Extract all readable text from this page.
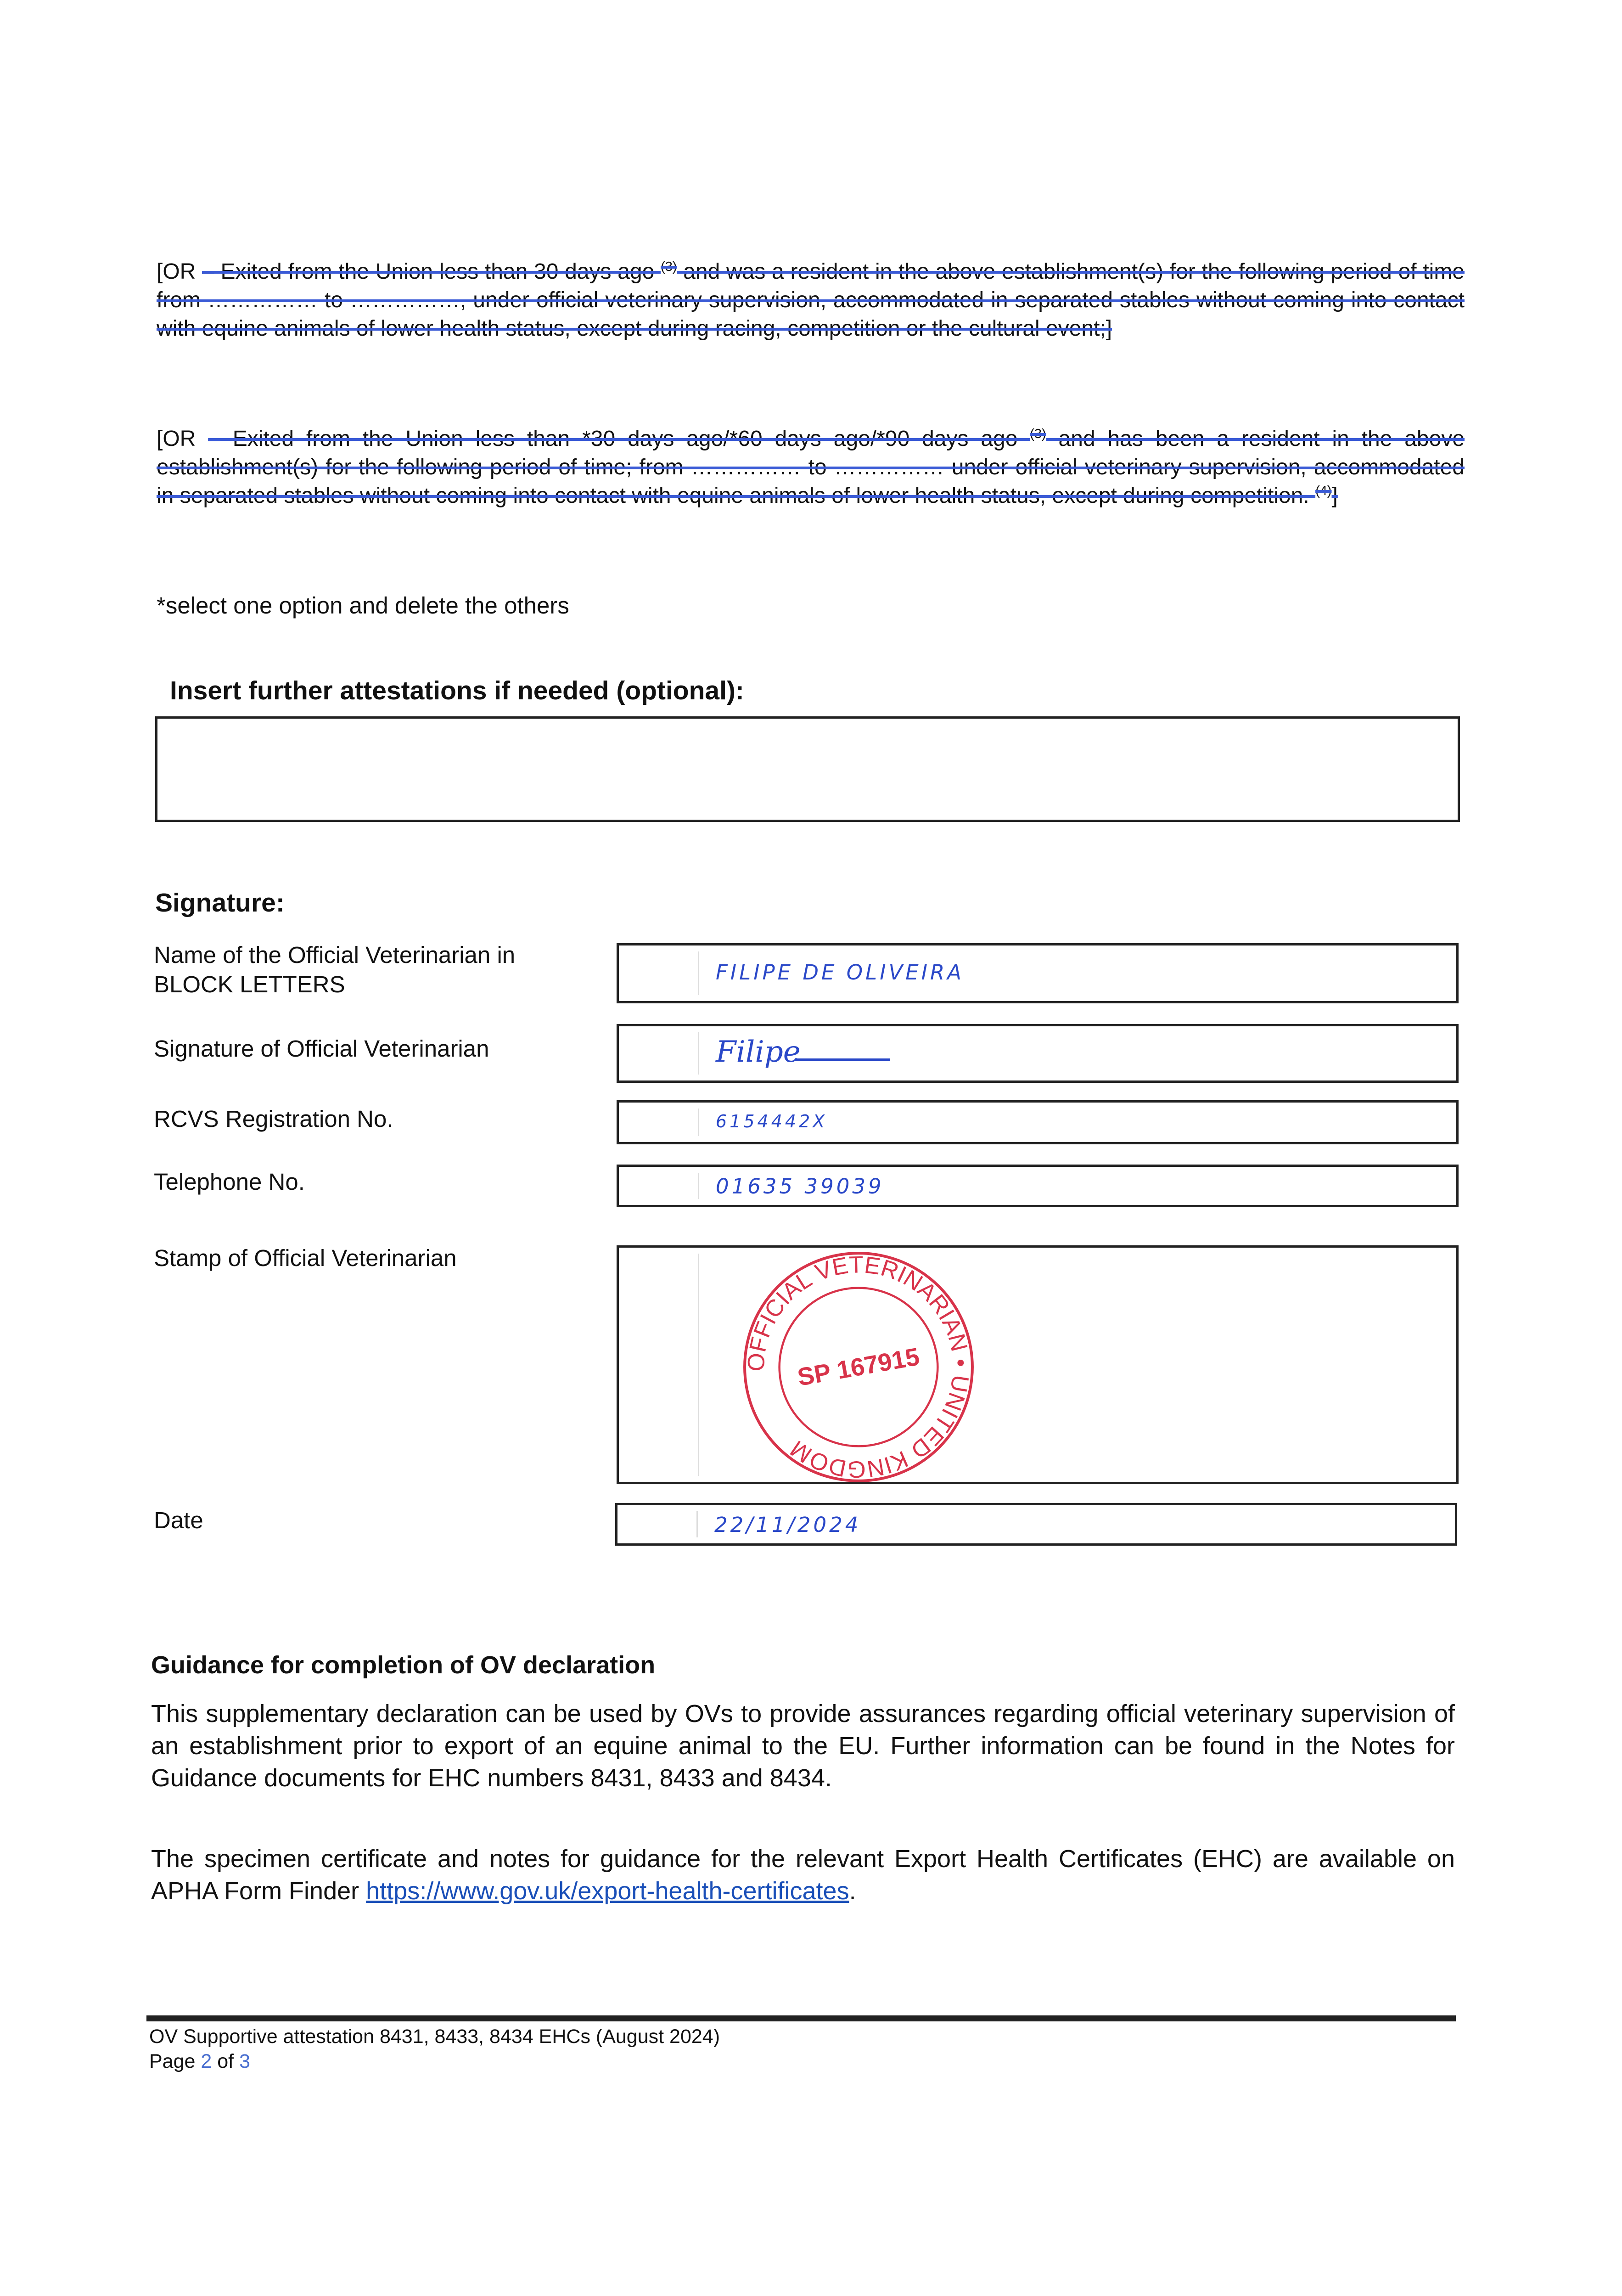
[OR – Exited from the Union less than 30 days ago $^{(3)}$ and was a resident in the above establishment(s) for the following period of time from …………… to ……………, under official veterinary supervision, accommodated in separated stables without coming into contact with equine animals of lower health status, except during racing, competition or the cultural event;]
[OR – Exited from the Union less than *30 days ago/*60 days ago/*90 days ago $^{(3)}$ and has been a resident in the above establishment(s) for the following period of time; from …………… to …………… under official veterinary supervision, accommodated in separated stables without coming into contact with equine animals of lower health status, except during competition. $^{(4)}$]
*select one option and delete the others
Insert further attestations if needed (optional):
Signature:
Name of the Official Veterinarian in BLOCK LETTERS	FILIPE DE OLIVEIRA
Signature of Official Veterinarian	Filipe
RCVS Registration No.	6154442X
Telephone No.	01635 39039
Stamp of Official Veterinarian
OFFICIAL VETERINARIAN • UNITED KINGDOM
SP 167915
Date	22/11/2024
Guidance for completion of OV declaration
This supplementary declaration can be used by OVs to provide assurances regarding official veterinary supervision of an establishment prior to export of an equine animal to the EU. Further information can be found in the Notes for Guidance documents for EHC numbers 8431, 8433 and 8434.
The specimen certificate and notes for guidance for the relevant Export Health Certificates (EHC) are available on APHA Form Finder https://www.gov.uk/export-health-certificates.
OV Supportive attestation 8431, 8433, 8434 EHCs (August 2024)
Page 2 of 3
